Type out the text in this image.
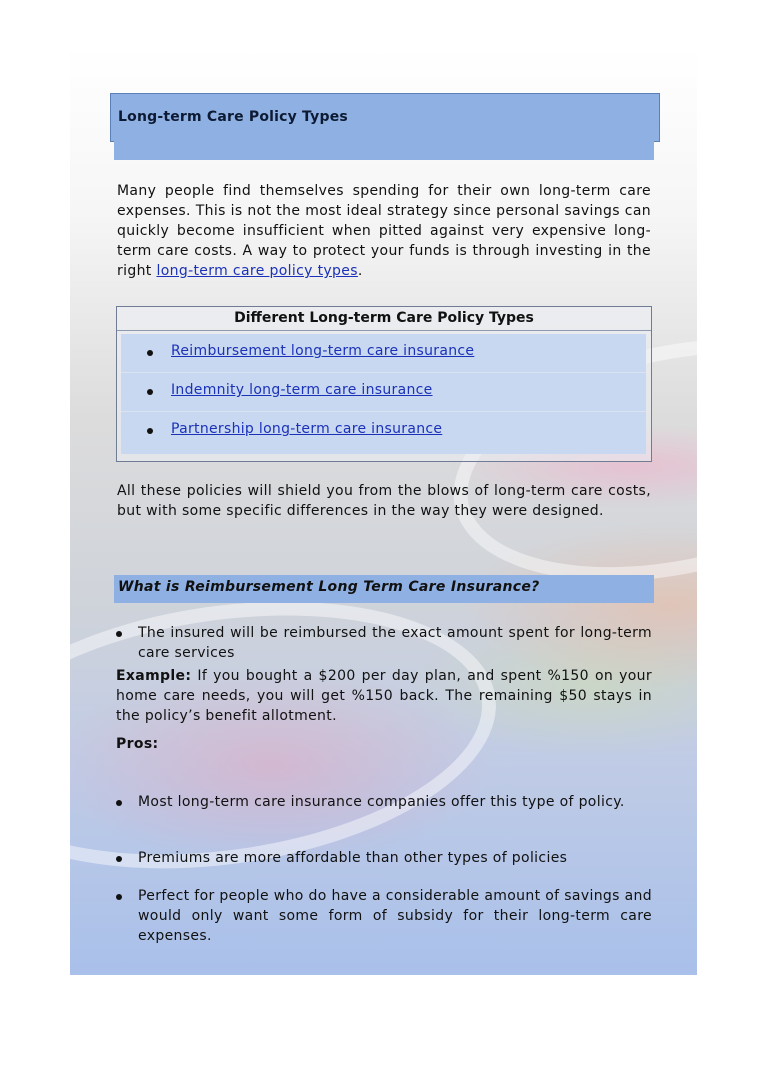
Long-term Care Policy Types

Many people find themselves spending for their own long-term care expenses. This is not the most ideal strategy since personal savings can quickly become insufficient when pitted against very expensive long-term care costs. A way to protect your funds is through investing in the right long-term care policy types.

Different Long-term Care Policy Types
Reimbursement long-term care insurance
Indemnity long-term care insurance
Partnership long-term care insurance

All these policies will shield you from the blows of long-term care costs, but with some specific differences in the way they were designed.

What is Reimbursement Long Term Care Insurance?
The insured will be reimbursed the exact amount spent for long-term care services

Example: If you bought a $200 per day plan, and spent %150 on your home care needs, you will get %150 back. The remaining $50 stays in the policy’s benefit allotment.

Pros:

Most long-term care insurance companies offer this type of policy.
Premiums are more affordable than other types of policies
Perfect for people who do have a considerable amount of savings and would only want some form of subsidy for their long-term care expenses.
